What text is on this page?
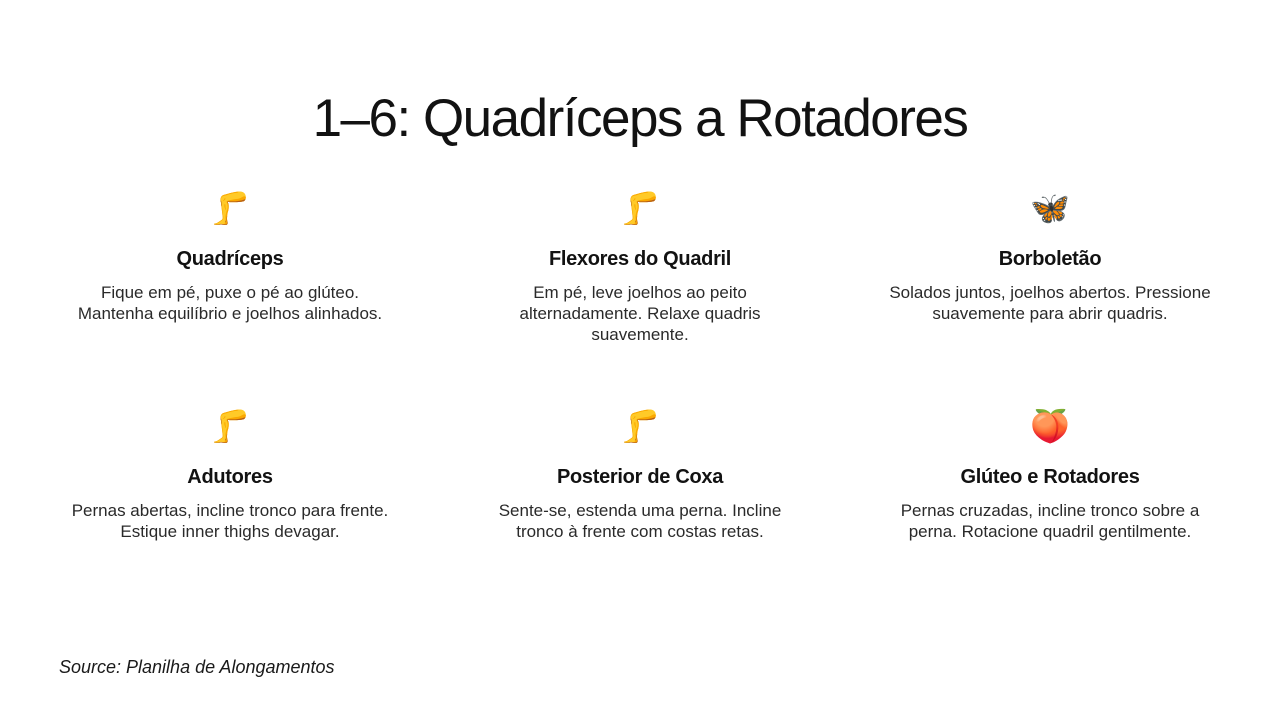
1–6: Quadríceps a Rotadores
🦵
Quadríceps
Fique em pé, puxe o pé ao glúteo. Mantenha equilíbrio e joelhos alinhados.
🦵
Flexores do Quadril
Em pé, leve joelhos ao peito alternadamente. Relaxe quadris suavemente.
🦋
Borboletão
Solados juntos, joelhos abertos. Pressione suavemente para abrir quadris.
🦵
Adutores
Pernas abertas, incline tronco para frente. Estique inner thighs devagar.
🦵
Posterior de Coxa
Sente-se, estenda uma perna. Incline tronco à frente com costas retas.
🍑
Glúteo e Rotadores
Pernas cruzadas, incline tronco sobre a perna. Rotacione quadril gentilmente.
Source: Planilha de Alongamentos
